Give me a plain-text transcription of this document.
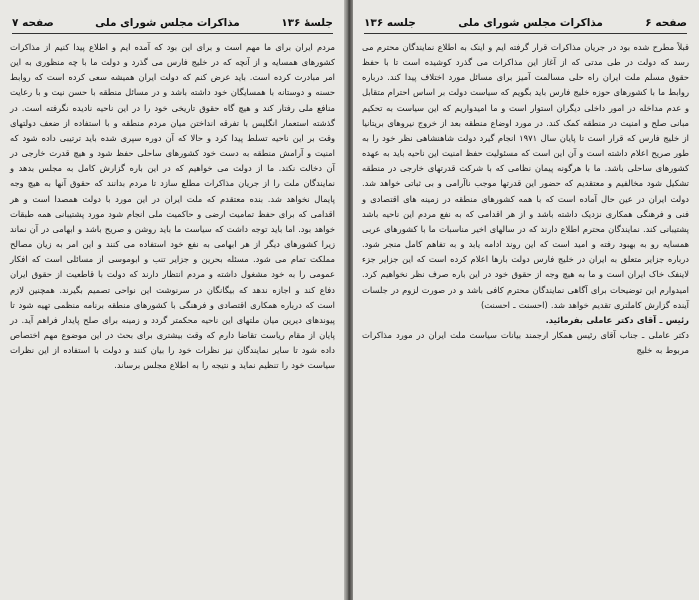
جلسهٔ ۱۳۶
مذاکرات مجلس شورای ملی
صفحه ۷

مردم ایران برای ما مهم است و برای این بود که آمده ایم و اطلاع پیدا کنیم از مذاکرات کشورهای همسایه و از آنچه که در خلیج فارس می گذرد و دولت ما با چه منظوری به این امر مبادرت کرده است. باید عرض کنم که دولت ایران همیشه سعی کرده است که روابط حسنه و دوستانه با همسایگان خود داشته باشد و در مسائل منطقه با حسن نیت و با رعایت منافع ملی رفتار کند و هیچ گاه حقوق تاریخی خود را در این ناحیه نادیده نگرفته است. در گذشته استعمار انگلیس با تفرقه انداختن میان مردم منطقه و با استفاده از ضعف دولتهای وقت بر این ناحیه تسلط پیدا کرد و حالا که آن دوره سپری شده باید ترتیبی داده شود که امنیت و آرامش منطقه به دست خود کشورهای ساحلی حفظ شود و هیچ قدرت خارجی در آن دخالت نکند. ما از دولت می خواهیم که در این باره گزارش کامل به مجلس بدهد و نمایندگان ملت را از جریان مذاکرات مطلع سازد تا مردم بدانند که حقوق آنها به هیچ وجه پایمال نخواهد شد. بنده معتقدم که ملت ایران در این مورد با دولت همصدا است و هر اقدامی که برای حفظ تمامیت ارضی و حاکمیت ملی انجام شود مورد پشتیبانی همه طبقات خواهد بود. اما باید توجه داشت که سیاست ما باید روشن و صریح باشد و ابهامی در آن نماند زیرا کشورهای دیگر از هر ابهامی به نفع خود استفاده می کنند و این امر به زیان مصالح مملکت تمام می شود. مسئله بحرین و جزایر تنب و ابوموسی از مسائلی است که افکار عمومی را به خود مشغول داشته و مردم انتظار دارند که دولت با قاطعیت از حقوق ایران دفاع کند و اجازه ندهد که بیگانگان در سرنوشت این نواحی تصمیم بگیرند. همچنین لازم است که درباره همکاری اقتصادی و فرهنگی با کشورهای منطقه برنامه منظمی تهیه شود تا پیوندهای دیرین میان ملتهای این ناحیه محکمتر گردد و زمینه برای صلح پایدار فراهم آید. در پایان از مقام ریاست تقاضا دارم که وقت بیشتری برای بحث در این موضوع مهم اختصاص داده شود تا سایر نمایندگان نیز نظرات خود را بیان کنند و دولت با استفاده از این نظرات سیاست خود را تنظیم نماید و نتیجه را به اطلاع مجلس برساند.

صفحه ۶
مذاکرات مجلس شورای ملی
جلسه ۱۳۶

قبلاً مطرح شده بود در جریان مذاکرات قرار گرفته ایم و اینک به اطلاع نمایندگان محترم می رسد که دولت در طی مدتی که از آغاز این مذاکرات می گذرد کوشیده است تا با حفظ حقوق مسلم ملت ایران راه حلی مسالمت آمیز برای مسائل مورد اختلاف پیدا کند. درباره روابط ما با کشورهای حوزه خلیج فارس باید بگویم که سیاست دولت بر اساس احترام متقابل و عدم مداخله در امور داخلی دیگران استوار است و ما امیدواریم که این سیاست به تحکیم مبانی صلح و امنیت در منطقه کمک کند. در مورد اوضاع منطقه بعد از خروج نیروهای بریتانیا از خلیج فارس که قرار است تا پایان سال ۱۹۷۱ انجام گیرد دولت شاهنشاهی نظر خود را به طور صریح اعلام داشته است و آن این است که مسئولیت حفظ امنیت این ناحیه باید به عهده کشورهای ساحلی باشد. ما با هرگونه پیمان نظامی که با شرکت قدرتهای خارجی در منطقه تشکیل شود مخالفیم و معتقدیم که حضور این قدرتها موجب ناآرامی و بی ثباتی خواهد شد. دولت ایران در عین حال آماده است که با همه کشورهای منطقه در زمینه های اقتصادی و فنی و فرهنگی همکاری نزدیک داشته باشد و از هر اقدامی که به نفع مردم این ناحیه باشد پشتیبانی کند. نمایندگان محترم اطلاع دارند که در سالهای اخیر مناسبات ما با کشورهای عربی همسایه رو به بهبود رفته و امید است که این روند ادامه یابد و به تفاهم کامل منجر شود. درباره جزایر متعلق به ایران در خلیج فارس دولت بارها اعلام کرده است که این جزایر جزء لاینفک خاک ایران است و ما به هیچ وجه از حقوق خود در این باره صرف نظر نخواهیم کرد. امیدوارم این توضیحات برای آگاهی نمایندگان محترم کافی باشد و در صورت لزوم در جلسات آینده گزارش کاملتری تقدیم خواهد شد. (احسنت ـ احسنت)

رئیس ـ آقای دکتر عاملی بفرمائید.

دکتر عاملی ـ جناب آقای رئیس همکار ارجمند بیانات سیاست ملت ایران در مورد مذاکرات مربوط به خلیج
